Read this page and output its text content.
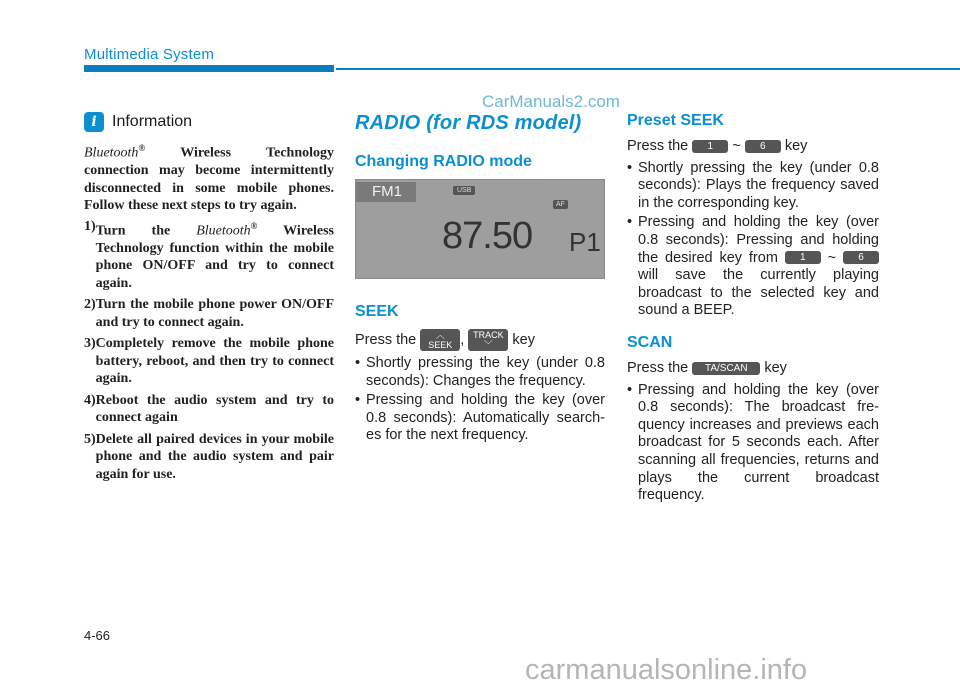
Multimedia System
CarManuals2.com
i Information

Bluetooth® Wireless Technology connection may become intermittently disconnected in some mobile phones. Follow these next steps to try again.

1) Turn the Bluetooth® Wireless Technology function within the mobile phone ON/OFF and try to connect again.
2) Turn the mobile phone power ON/OFF and try to connect again.
3) Completely remove the mobile phone battery, reboot, and then try to connect again.
4) Reboot the audio system and try to connect again
5) Delete all paired devices in your mobile phone and the audio system and pair again for use.
RADIO (for RDS model)
Changing RADIO mode
FM1	USB
AF
87.50 P1
SEEK

Press the ︿
SEEK , TRACK
﹀ key

• Shortly pressing the key (under 0.8 seconds): Changes the frequency.
• Pressing and holding the key (over 0.8 seconds): Automatically search-es for the next frequency.
Preset SEEK

Press the 1 ~ 6 key

• Shortly pressing the key (under 0.8 seconds): Plays the frequency saved in the corresponding key.
• Pressing and holding the key (over 0.8 seconds): Pressing and holding the desired key from 1 ~ 6 will save the currently playing broadcast to the selected key and sound a BEEP.
SCAN

Press the TA/SCAN key

• Pressing and holding the key (over 0.8 seconds): The broadcast fre-quency increases and previews each broadcast for 5 seconds each. After scanning all frequencies, returns and plays the current broadcast frequency.
4-66
carmanualsonline.info
